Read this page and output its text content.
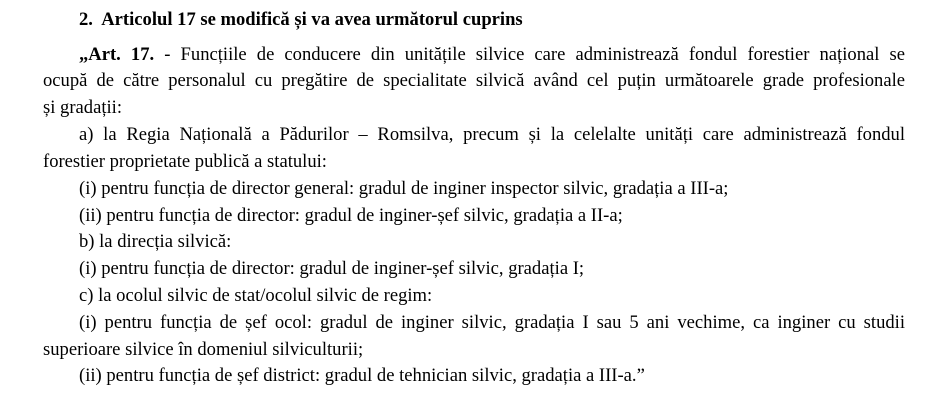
2. Articolul 17 se modifică și va avea următorul cuprins
„Art. 17. - Funcțiile de conducere din unitățile silvice care administrează fondul forestier național se
ocupă de către personalul cu pregătire de specialitate silvică având cel puțin următoarele grade profesionale
și gradații:
a) la Regia Națională a Pădurilor – Romsilva, precum și la celelalte unități care administrează fondul
forestier proprietate publică a statului:
(i) pentru funcția de director general: gradul de inginer inspector silvic, gradația a III-a;
(ii) pentru funcția de director: gradul de inginer-șef silvic, gradația a II-a;
b) la direcția silvică:
(i) pentru funcția de director: gradul de inginer-șef silvic, gradația I;
c) la ocolul silvic de stat/ocolul silvic de regim:
(i) pentru funcția de șef ocol: gradul de inginer silvic, gradația I sau 5 ani vechime, ca inginer cu studii
superioare silvice în domeniul silviculturii;
(ii) pentru funcția de șef district: gradul de tehnician silvic, gradația a III-a.”
